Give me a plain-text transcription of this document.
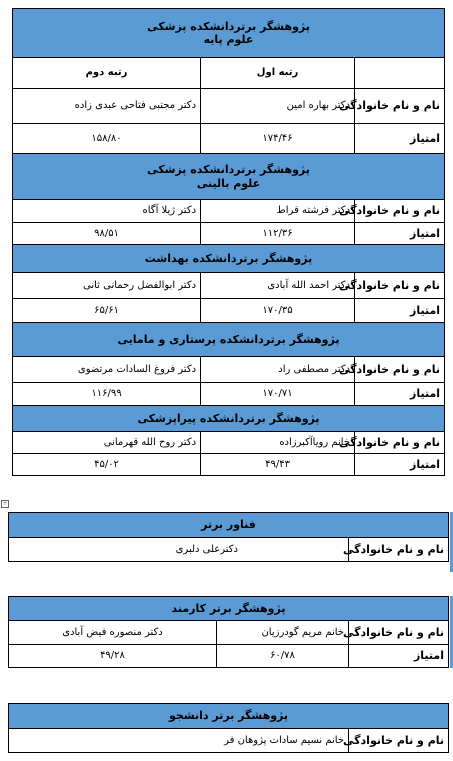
پژوهشگر برتردانشکده پزشکی
علوم پایه		

	رتبه اول	رتبه دوم
نام و نام خانوادگی	دکتر بهاره امین	دکتر مجتبی فتاحی عبدی زاده
امتیاز	۱۷۴/۴۶	۱۵۸/۸۰

پژوهشگر برتردانشکده پزشکی
علوم بالینی		

نام و نام خانوادگی	دکتر فرشته قراط	دکتر ژیلا آگاه
امتیاز	۱۱۲/۳۶	۹۸/۵۱
پژوهشگر برتردانشکده بهداشت		
نام و نام خانوادگی	دکتر احمد الله آبادی	دکتر ابوالفضل رحمانی ثانی
امتیاز	۱۷۰/۳۵	۶۵/۶۱
پژوهشگر برتردانشکده پرستاری و مامایی		
نام و نام خانوادگی	دکتر مصطفی راد	دکتر فروغ السادات مرتضوی
امتیاز	۱۷۰/۷۱	۱۱۶/۹۹
پژوهشگر برتردانشکده پیراپزشکی		
نام و نام خانوادگی	خانم رویاآکبرزاده	دکتر روح الله قهرمانی
امتیاز	۴۹/۴۳	۴۵/۰۲
+
فناور برتر
نام و نام خانوادگی	دکترعلی دلبری
پژوهشگر برتر کارمند		
نام و نام خانوادگی	خانم مریم گودرزیان	دکتر منصوره فیض آبادی
امتیاز	۶۰/۷۸	۴۹/۲۸
پژوهشگر برتر دانشجو
نام و نام خانوادگی	خانم نسیم سادات پژوهان فر
